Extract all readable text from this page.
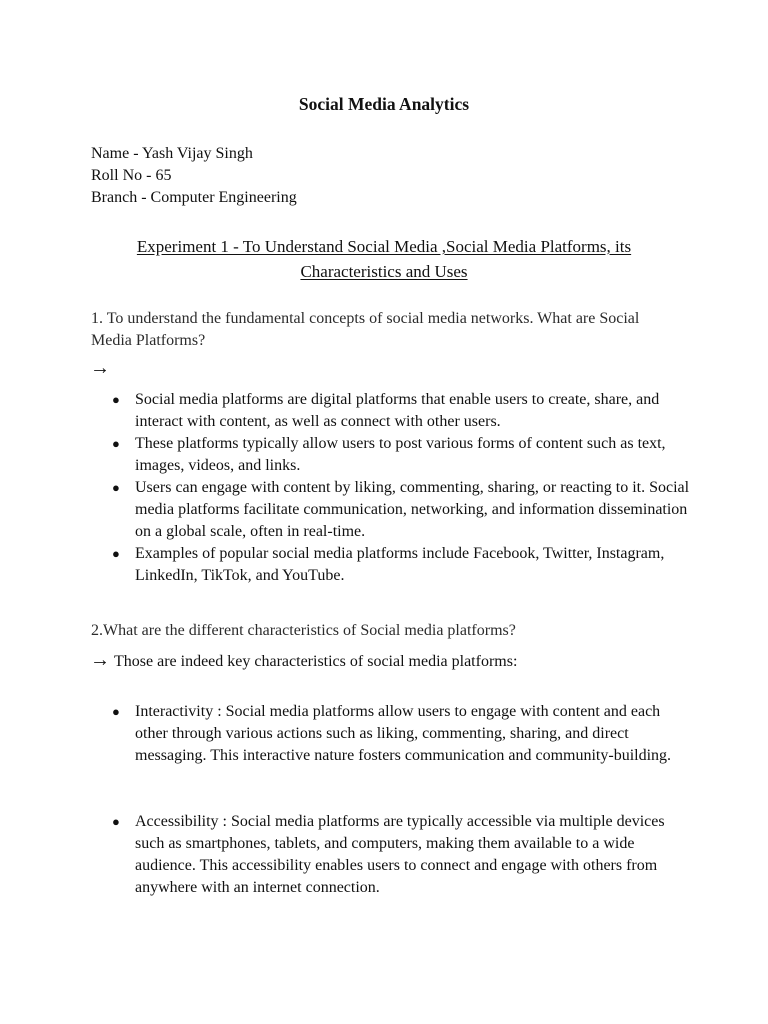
Social Media Analytics
Name - Yash Vijay Singh
Roll No - 65
Branch - Computer Engineering
Experiment 1 - To Understand Social Media ,Social Media Platforms, its Characteristics and Uses
1. To understand the fundamental concepts of social media networks. What are Social Media Platforms?
→
● Social media platforms are digital platforms that enable users to create, share, and interact with content, as well as connect with other users.
● These platforms typically allow users to post various forms of content such as text, images, videos, and links.
● Users can engage with content by liking, commenting, sharing, or reacting to it. Social media platforms facilitate communication, networking, and information dissemination on a global scale, often in real-time.
● Examples of popular social media platforms include Facebook, Twitter, Instagram, LinkedIn, TikTok, and YouTube.
2.What are the different characteristics of Social media platforms?
→ Those are indeed key characteristics of social media platforms:
● Interactivity : Social media platforms allow users to engage with content and each other through various actions such as liking, commenting, sharing, and direct messaging. This interactive nature fosters communication and community-building.
● Accessibility : Social media platforms are typically accessible via multiple devices such as smartphones, tablets, and computers, making them available to a wide audience. This accessibility enables users to connect and engage with others from anywhere with an internet connection.
